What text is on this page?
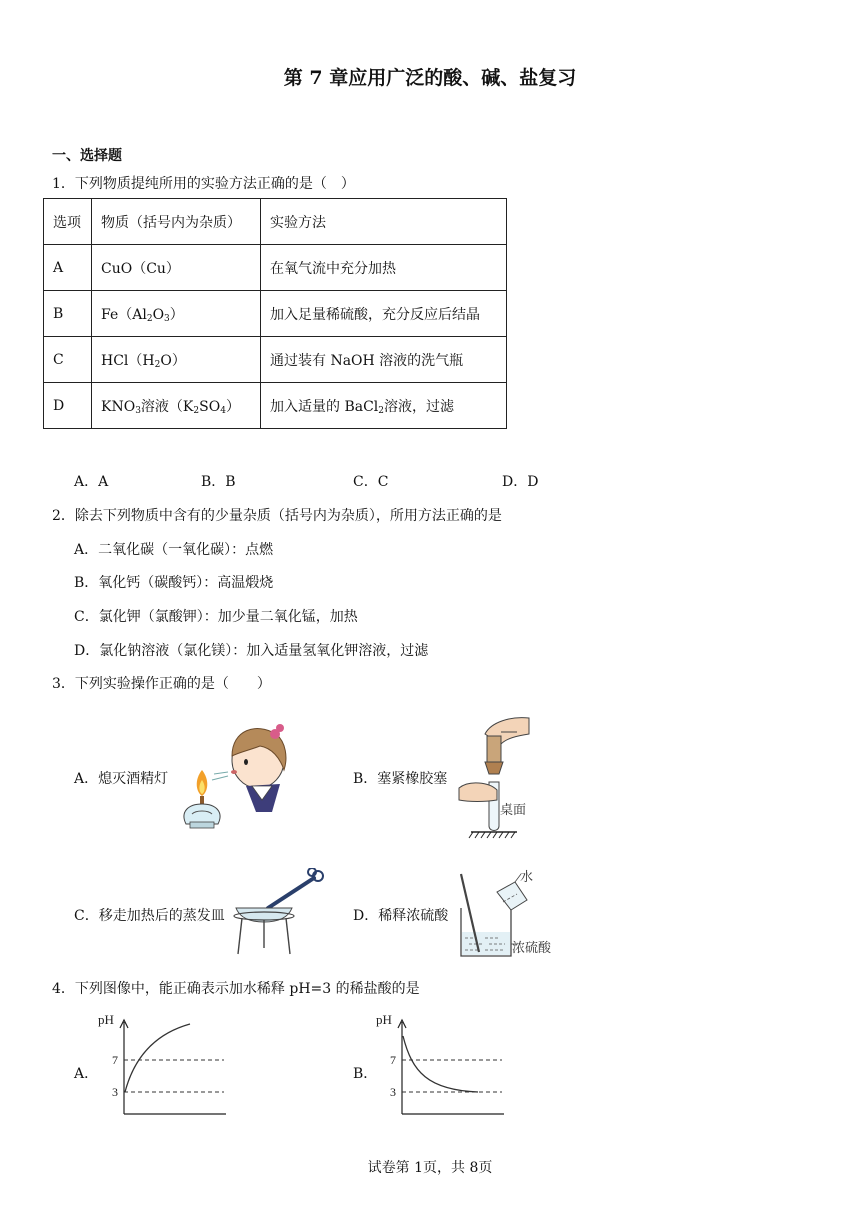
第 7 章应用广泛的酸、碱、盐复习
一、选择题
1．下列物质提纯所用的实验方法正确的是（　）
选项	物质（括号内为杂质）	实验方法
A	CuO（Cu）	在氧气流中充分加热
B	$Fe(Al_2O_3)$	加入足量稀硫酸，充分反应后结晶
C	$HCl(H_2O)$	通过装有 NaOH 溶液的洗气瓶
D	$KNO_3$溶液$(K_2SO_4)$	加入适量的 BaCl$_2$溶液，过滤
A．A	B．B	C．C	D．D
2．除去下列物质中含有的少量杂质（括号内为杂质），所用方法正确的是
A．二氧化碳（一氧化碳）：点燃
B．氧化钙（碳酸钙）：高温煅烧
C．氯化钾（氯酸钾）：加少量二氧化锰，加热
D．氯化钠溶液（氯化镁）：加入适量氢氧化钾溶液，过滤
3．下列实验操作正确的是（　　）
A．熄灭酒精灯	B．塞紧橡胶塞
桌面
C．移走加热后的蒸发皿	D．稀释浓硫酸
水
浓硫酸
4．下列图像中，能正确表示加水稀释 pH=3 的稀盐酸的是
A．
pH
7
3
B．
pH
7
3
试卷第 1页，共 8页
